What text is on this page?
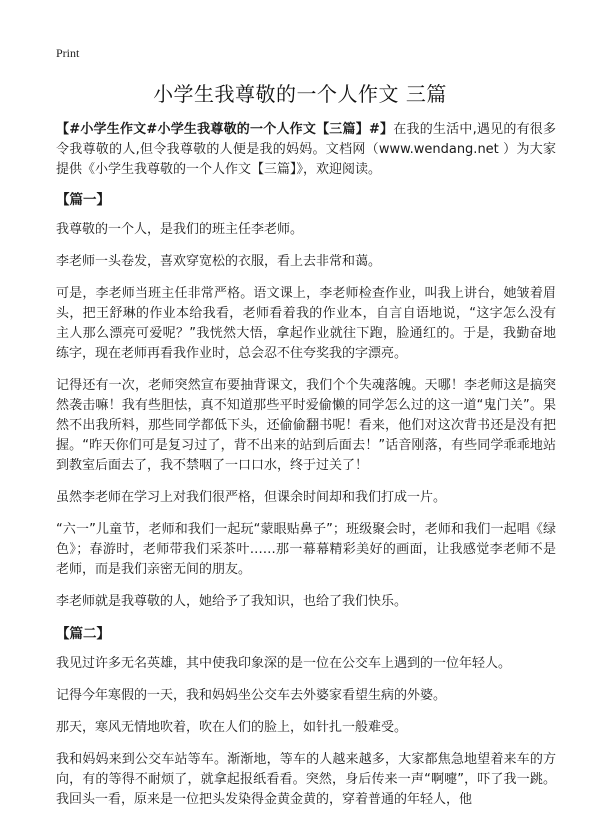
Print
小学生我尊敬的一个人作文 三篇

【#小学生作文#小学生我尊敬的一个人作文【三篇】#】在我的生活中,遇见的有很多令我尊敬的人,但令我尊敬的人便是我的妈妈。文档网（www.wendang.net ）为大家提供《小学生我尊敬的一个人作文【三篇】》，欢迎阅读。

【篇一】

我尊敬的一个人，是我们的班主任李老师。

李老师一头卷发，喜欢穿宽松的衣服，看上去非常和蔼。

可是，李老师当班主任非常严格。语文课上，李老师检查作业，叫我上讲台，她皱着眉头，把王舒琳的作业本给我看，老师看着我的作业本，自言自语地说，“这字怎么没有主人那么漂亮可爱呢？”我恍然大悟，拿起作业就往下跑，脸通红的。于是，我勤奋地练字，现在老师再看我作业时，总会忍不住夸奖我的字漂亮。

记得还有一次，老师突然宣布要抽背课文，我们个个失魂落魄。天哪！李老师这是搞突然袭击嘛！我有些胆怯，真不知道那些平时爱偷懒的同学怎么过的这一道“鬼门关”。果然不出我所料，那些同学都低下头，还偷偷翻书呢！看来，他们对这次背书还是没有把握。“昨天你们可是复习过了，背不出来的站到后面去！”话音刚落，有些同学乖乖地站到教室后面去了，我不禁咽了一口口水，终于过关了！

虽然李老师在学习上对我们很严格，但课余时间却和我们打成一片。

“六一”儿童节，老师和我们一起玩“蒙眼贴鼻子”；班级聚会时，老师和我们一起唱《绿色》；春游时，老师带我们采茶叶……那一幕幕精彩美好的画面，让我感觉李老师不是老师，而是我们亲密无间的朋友。

李老师就是我尊敬的人，她给予了我知识，也给了我们快乐。

【篇二】

我见过许多无名英雄，其中使我印象深的是一位在公交车上遇到的一位年轻人。

记得今年寒假的一天，我和妈妈坐公交车去外婆家看望生病的外婆。

那天，寒风无情地吹着，吹在人们的脸上，如针扎一般难受。

我和妈妈来到公交车站等车。渐渐地，等车的人越来越多，大家都焦急地望着来车的方向，有的等得不耐烦了，就拿起报纸看看。突然，身后传来一声“啊嚏”，吓了我一跳。我回头一看，原来是一位把头发染得金黄金黄的，穿着普通的年轻人，他
